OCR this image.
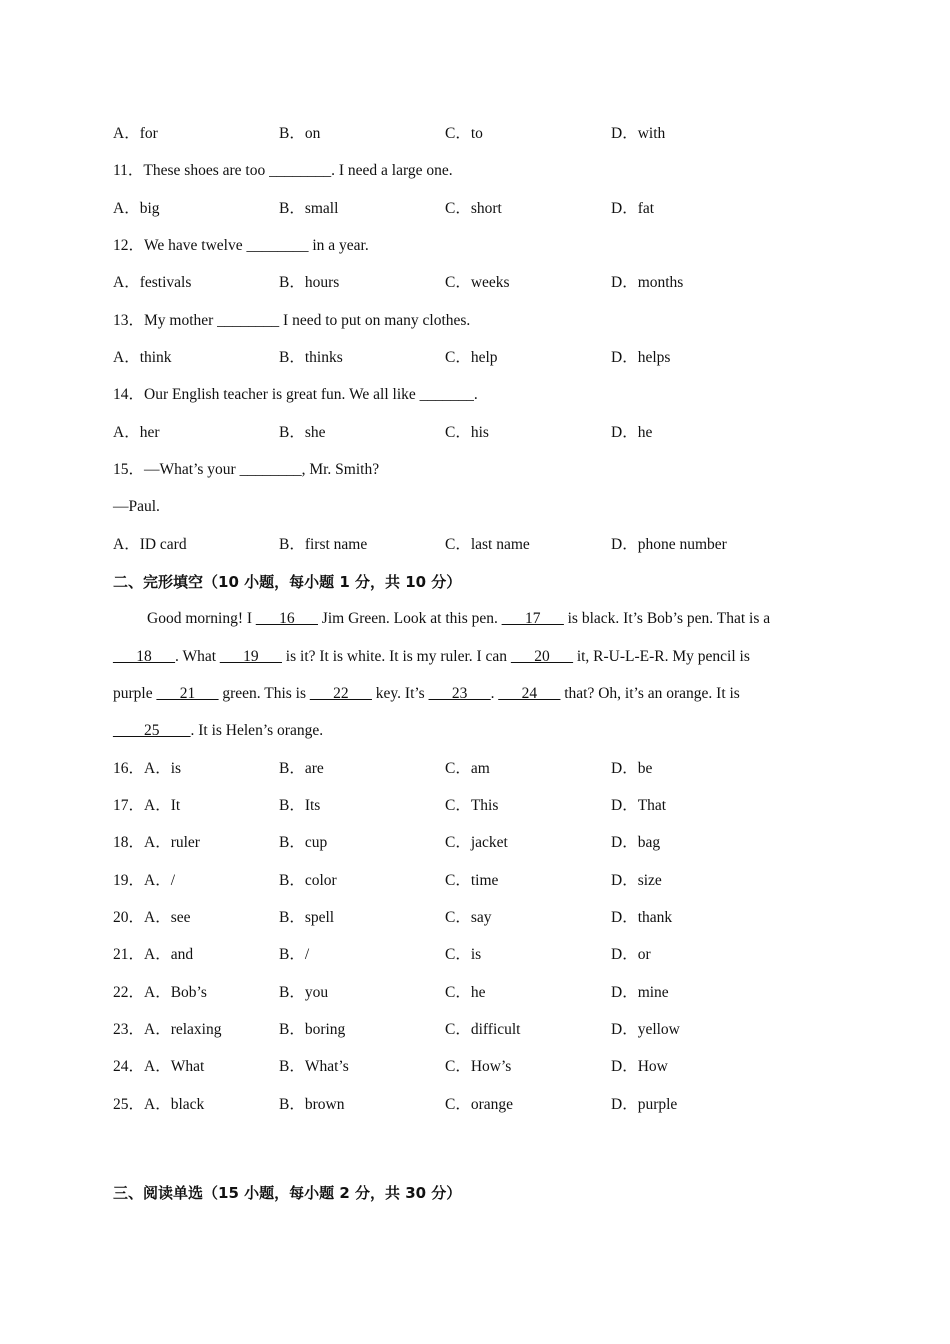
A．for	B．on	C．to	D．with
11．These shoes are too ________. I need a large one.
A．big	B．small	C．short	D．fat
12．We have twelve ________ in a year.
A．festivals	B．hours	C．weeks	D．months
13．My mother ________ I need to put on many clothes.
A．think	B．thinks	C．help	D．helps
14．Our English teacher is great fun. We all like _______.
A．her	B．she	C．his	D．he
15．—What’s your ________, Mr. Smith?
—Paul.
A．ID card	B．first name	C．last name	D．phone number
二、完形填空（10 小题，每小题 1 分，共 10 分）
Good morning! I ___16___ Jim Green. Look at this pen. ___17___ is black. It’s Bob’s pen. That is a
___18___. What ___19___ is it? It is white. It is my ruler. I can ___20___ it, R-U-L-E-R. My pencil is
purple ___21___ green. This is ___22___ key. It’s ___23___. ___24___ that? Oh, it’s an orange. It is
____25____. It is Helen’s orange.
16．A．is	B．are	C．am	D．be
17．A．It	B．Its	C．This	D．That
18．A．ruler	B．cup	C．jacket	D．bag
19．A．/	B．color	C．time	D．size
20．A．see	B．spell	C．say	D．thank
21．A．and	B．/	C．is	D．or
22．A．Bob’s	B．you	C．he	D．mine
23．A．relaxing	B．boring	C．difficult	D．yellow
24．A．What	B．What’s	C．How’s	D．How
25．A．black	B．brown	C．orange	D．purple
三、阅读单选（15 小题，每小题 2 分，共 30 分）
